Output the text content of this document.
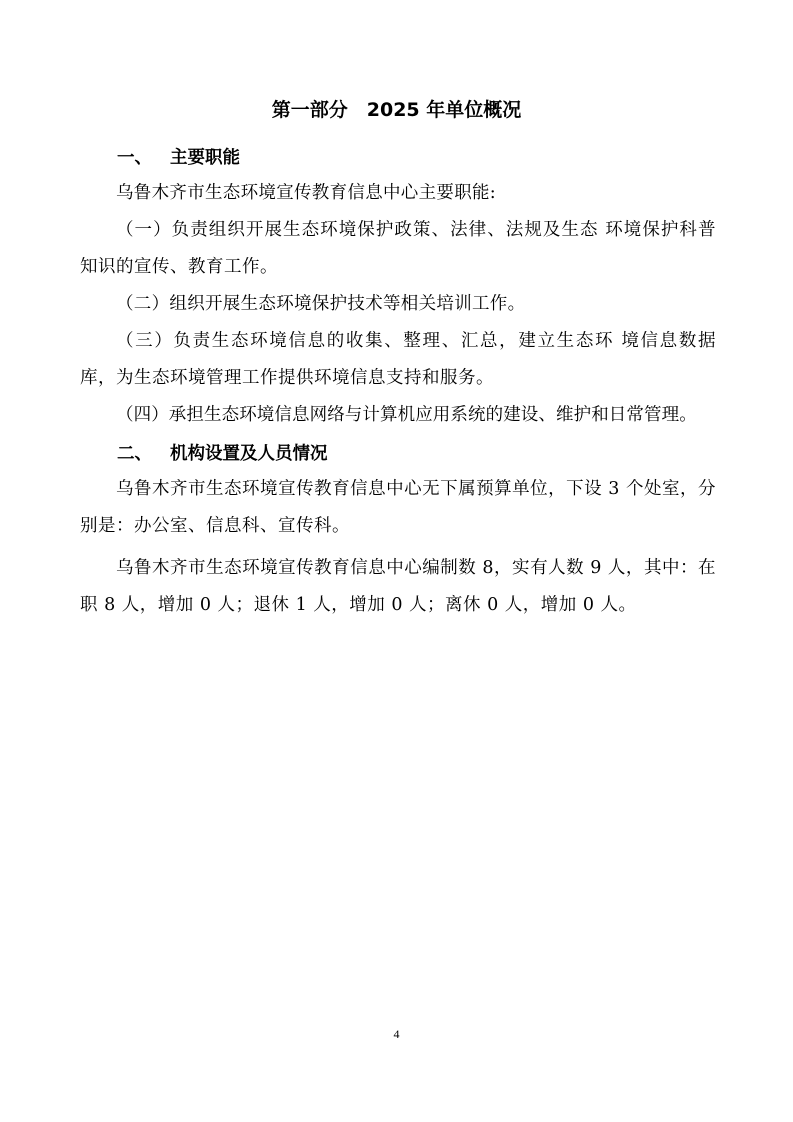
第一部分　2025 年单位概况
一、 主要职能
乌鲁木齐市生态环境宣传教育信息中心主要职能:
（一）负责组织开展生态环境保护政策、法律、法规及生态 环境保护科普知识的宣传、教育工作。
（二）组织开展生态环境保护技术等相关培训工作。
（三）负责生态环境信息的收集、整理、汇总，建立生态环 境信息数据库，为生态环境管理工作提供环境信息支持和服务。
（四）承担生态环境信息网络与计算机应用系统的建设、维护和日常管理。
二、 机构设置及人员情况
乌鲁木齐市生态环境宣传教育信息中心无下属预算单位，下设 3 个处室，分别是：办公室、信息科、宣传科。
乌鲁木齐市生态环境宣传教育信息中心编制数 8，实有人数 9 人，其中：在职 8 人，增加 0 人；退休 1 人，增加 0 人；离休 0 人，增加 0 人。
4
